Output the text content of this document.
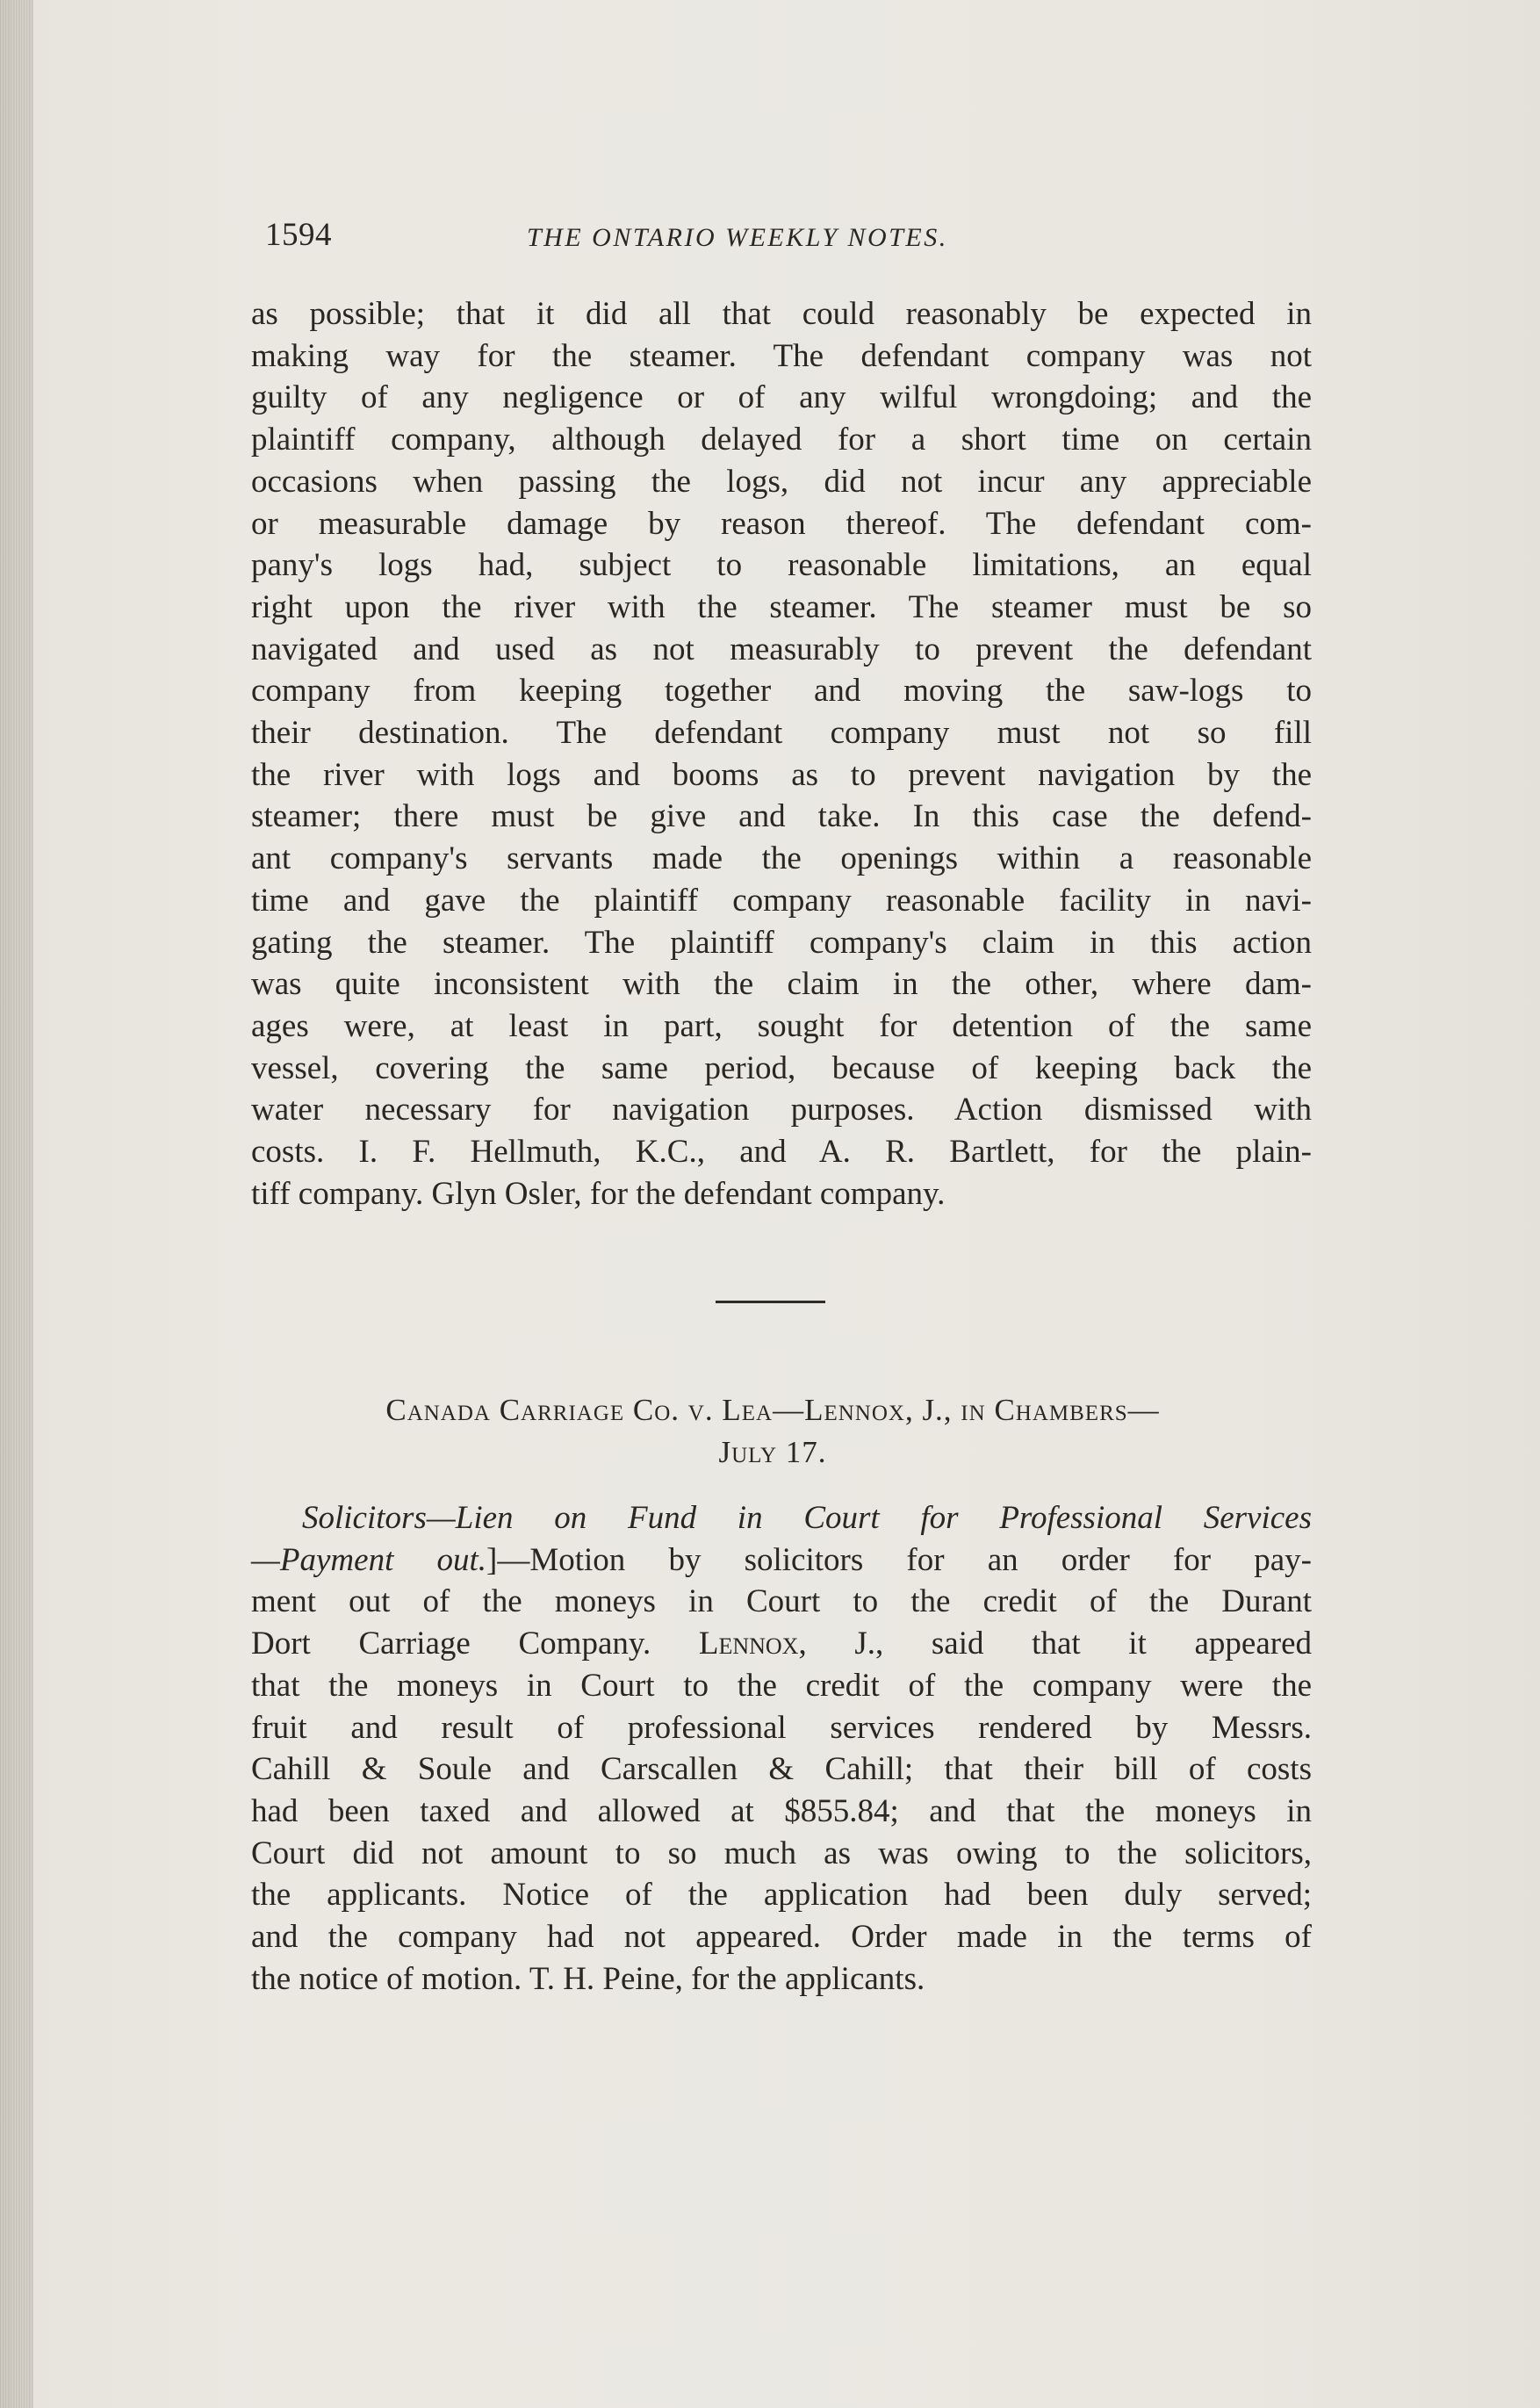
1594	THE ONTARIO WEEKLY NOTES.
as possible; that it did all that could reasonably be expected in
making way for the steamer. The defendant company was not
guilty of any negligence or of any wilful wrongdoing; and the
plaintiff company, although delayed for a short time on certain
occasions when passing the logs, did not incur any appreciable
or measurable damage by reason thereof. The defendant com-
pany's logs had, subject to reasonable limitations, an equal
right upon the river with the steamer. The steamer must be so
navigated and used as not measurably to prevent the defendant
company from keeping together and moving the saw-logs to
their destination. The defendant company must not so fill
the river with logs and booms as to prevent navigation by the
steamer; there must be give and take. In this case the defend-
ant company's servants made the openings within a reasonable
time and gave the plaintiff company reasonable facility in navi-
gating the steamer. The plaintiff company's claim in this action
was quite inconsistent with the claim in the other, where dam-
ages were, at least in part, sought for detention of the same
vessel, covering the same period, because of keeping back the
water necessary for navigation purposes. Action dismissed with
costs. I. F. Hellmuth, K.C., and A. R. Bartlett, for the plain-
tiff company. Glyn Osler, for the defendant company.
Canada Carriage Co. v. Lea—Lennox, J., in Chambers—
July 17.
Solicitors—Lien on Fund in Court for Professional Services
—Payment out.]—Motion by solicitors for an order for pay-
ment out of the moneys in Court to the credit of the Durant
Dort Carriage Company. Lennox, J., said that it appeared
that the moneys in Court to the credit of the company were the
fruit and result of professional services rendered by Messrs.
Cahill & Soule and Carscallen & Cahill; that their bill of costs
had been taxed and allowed at $855.84; and that the moneys in
Court did not amount to so much as was owing to the solicitors,
the applicants. Notice of the application had been duly served;
and the company had not appeared. Order made in the terms of
the notice of motion. T. H. Peine, for the applicants.
